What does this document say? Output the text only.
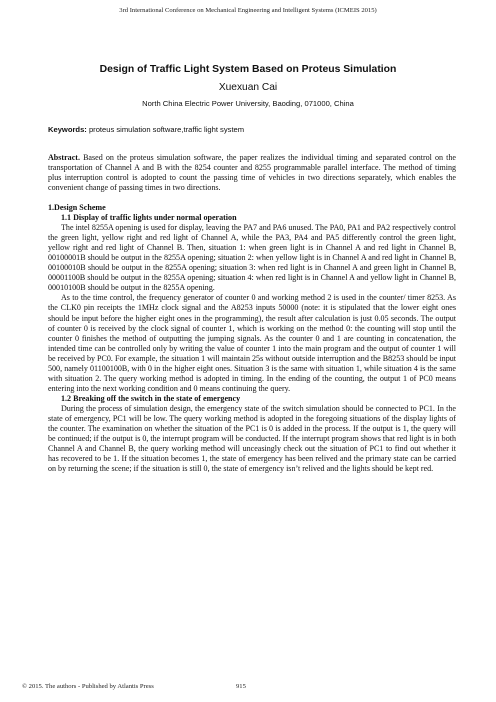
3rd International Conference on Mechanical Engineering and Intelligent Systems (ICMEIS 2015)
Design of Traffic Light System Based on Proteus Simulation
Xuexuan Cai
North China Electric Power University, Baoding, 071000, China
Keywords: proteus simulation software,traffic light system

Abstract. Based on the proteus simulation software, the paper realizes the individual timing and separated control on the transportation of Channel A and B with the 8254 counter and 8255 programmable parallel interface. The method of timing plus interruption control is adopted to count the passing time of vehicles in two directions separately, which enables the convenient change of passing times in two directions.

1.Design Scheme
1.1 Display of traffic lights under normal operation

The intel 8255A opening is used for display, leaving the PA7 and PA6 unused. The PA0, PA1 and PA2 respectively control the green light, yellow right and red light of Channel A, while the PA3, PA4 and PA5 differently control the green light, yellow right and red light of Channel B. Then, situation 1: when green light is in Channel A and red light in Channel B, 00100001B should be output in the 8255A opening; situation 2: when yellow light is in Channel A and red light in Channel B, 00100010B should be output in the 8255A opening; situation 3: when red light is in Channel A and green light in Channel B, 00001100B should be output in the 8255A opening; situation 4: when red light is in Channel A and yellow light in Channel B, 00010100B should be output in the 8255A opening.

As to the time control, the frequency generator of counter 0 and working method 2 is used in the counter/ timer 8253. As the CLK0 pin receipts the 1MHz clock signal and the A8253 inputs 50000 (note: it is stipulated that the lower eight ones should be input before the higher eight ones in the programming), the result after calculation is just 0.05 seconds. The output of counter 0 is received by the clock signal of counter 1, which is working on the method 0: the counting will stop until the counter 0 finishes the method of outputting the jumping signals. As the counter 0 and 1 are counting in concatenation, the intended time can be controlled only by writing the value of counter 1 into the main program and the output of counter 1 will be received by PC0. For example, the situation 1 will maintain 25s without outside interruption and the B8253 should be input 500, namely 01100100B, with 0 in the higher eight ones. Situation 3 is the same with situation 1, while situation 4 is the same with situation 2. The query working method is adopted in timing. In the ending of the counting, the output 1 of PC0 means entering into the next working condition and 0 means continuing the query.

1.2 Breaking off the switch in the state of emergency

During the process of simulation design, the emergency state of the switch simulation should be connected to PC1. In the state of emergency, PC1 will be low. The query working method is adopted in the foregoing situations of the display lights of the counter. The examination on whether the situation of the PC1 is 0 is added in the process. If the output is 1, the query will be continued; if the output is 0, the interrupt program will be conducted. If the interrupt program shows that red light is in both Channel A and Channel B, the query working method will unceasingly check out the situation of PC1 to find out whether it has recovered to be 1. If the situation becomes 1, the state of emergency has been relived and the primary state can be carried on by returning the scene; if the situation is still 0, the state of emergency isn’t relived and the lights should be kept red.

© 2015. The authors - Published by Atlantis Press	915
